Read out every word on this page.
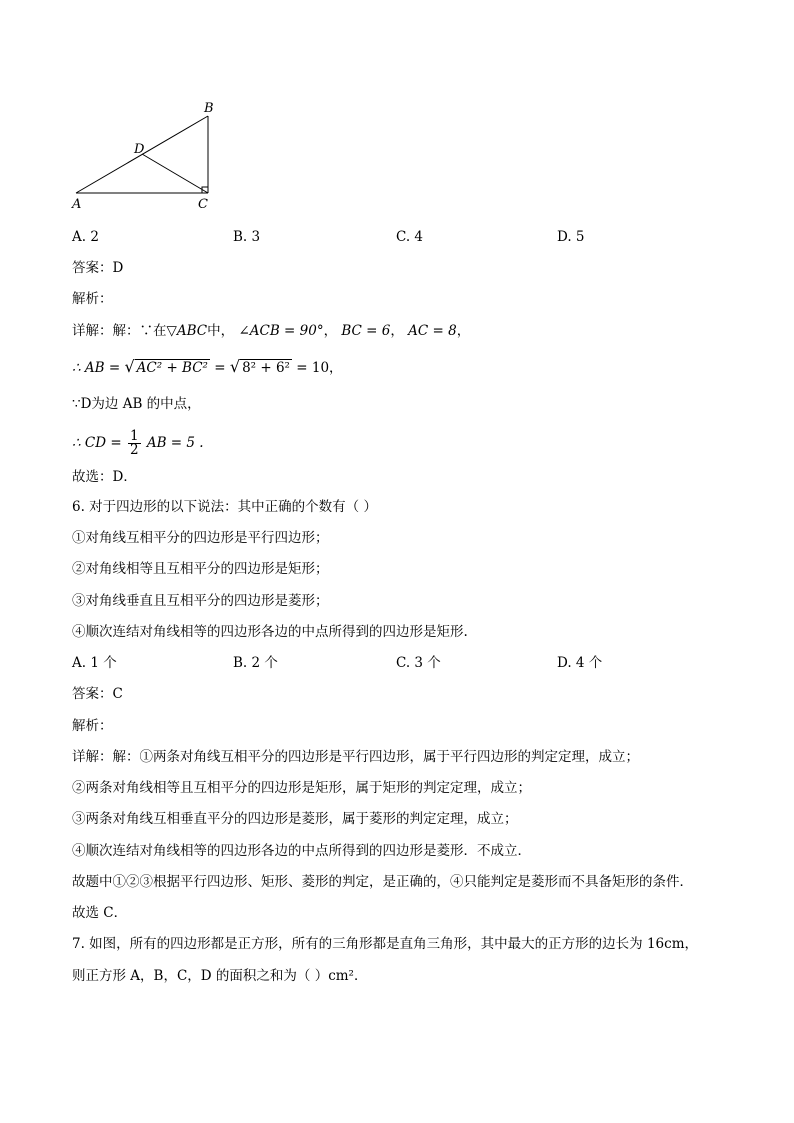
B
D
A	C
A. 2	B. 3	C. 4	D. 5
答案：D
解析：
详解：解：∵在▽ABC中， ∠ACB = 90°， BC = 6， AC = 8，
∴ AB = √ AC² + BC² = √ 8² + 6² = 10，
∵D为边 AB 的中点，
∴ CD = $\frac{1}{2}$ AB = 5 .
故选：D．
6. 对于四边形的以下说法：其中正确的个数有（ ）
①对角线互相平分的四边形是平行四边形；
②对角线相等且互相平分的四边形是矩形；
③对角线垂直且互相平分的四边形是菱形；
④顺次连结对角线相等的四边形各边的中点所得到的四边形是矩形.
A. 1 个	B. 2 个	C. 3 个	D. 4 个
答案：C
解析：
详解：解：①两条对角线互相平分的四边形是平行四边形，属于平行四边形的判定定理，成立；
②两条对角线相等且互相平分的四边形是矩形，属于矩形的判定定理，成立；
③两条对角线互相垂直平分的四边形是菱形，属于菱形的判定定理，成立；
④顺次连结对角线相等的四边形各边的中点所得到的四边形是菱形．不成立．
故题中①②③根据平行四边形、矩形、菱形的判定，是正确的，④只能判定是菱形而不具备矩形的条件．
故选 C．
7. 如图，所有的四边形都是正方形，所有的三角形都是直角三角形，其中最大的正方形的边长为 16cm，
则正方形 A，B，C，D 的面积之和为（ ）cm²．
